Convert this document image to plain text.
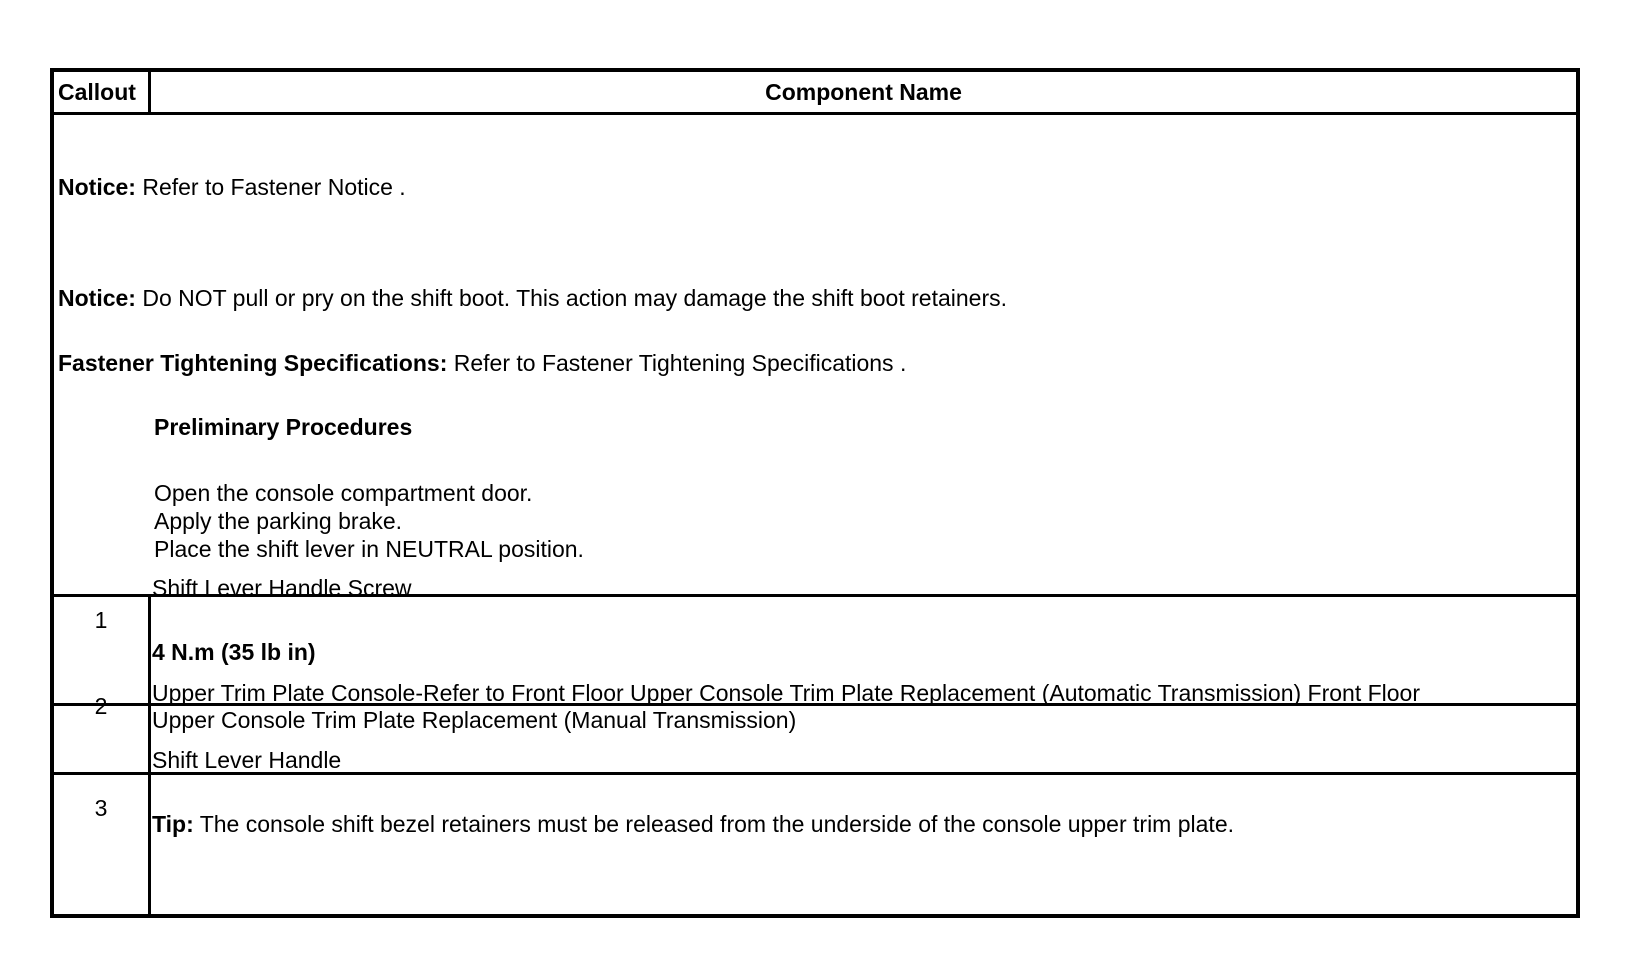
Callout	Component Name
Notice: Refer to Fastener Notice .
Notice: Do NOT pull or pry on the shift boot. This action may damage the shift boot retainers.
Fastener Tightening Specifications: Refer to Fastener Tightening Specifications .
Preliminary Procedures
Open the console compartment door.
Apply the parking brake.
Place the shift lever in NEUTRAL position.
1
Shift Lever Handle Screw
4 N.m (35 lb in)
2	Upper Trim Plate Console-Refer to Front Floor Upper Console Trim Plate Replacement (Automatic Transmission) Front Floor
Upper Console Trim Plate Replacement (Manual Transmission)
3
Shift Lever Handle
Tip: The console shift bezel retainers must be released from the underside of the console upper trim plate.
